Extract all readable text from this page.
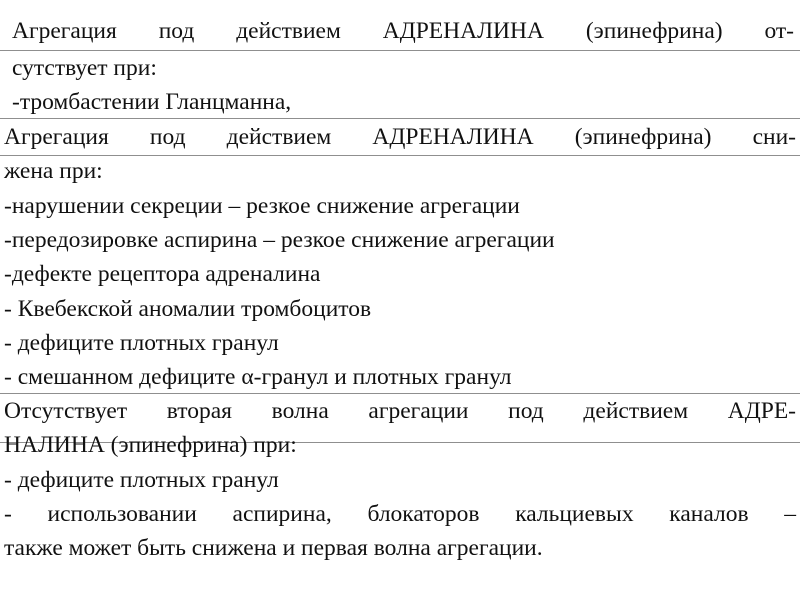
Агрегация под действием АДРЕНАЛИНА (эпинефрина) от-
сутствует при:
-тромбастении Гланцманна,
Агрегация под действием АДРЕНАЛИНА (эпинефрина) сни-
жена при:
-нарушении секреции – резкое снижение агрегации
-передозировке аспирина – резкое снижение агрегации
-дефекте рецептора адреналина
- Квебекской аномалии тромбоцитов
- дефиците плотных гранул
- смешанном дефиците α-гранул и плотных гранул
Отсутствует вторая волна агрегации под действием АДРЕ-
НАЛИНА (эпинефрина) при:
- дефиците плотных гранул
- использовании аспирина, блокаторов кальциевых каналов –
также может быть снижена и первая волна агрегации.
